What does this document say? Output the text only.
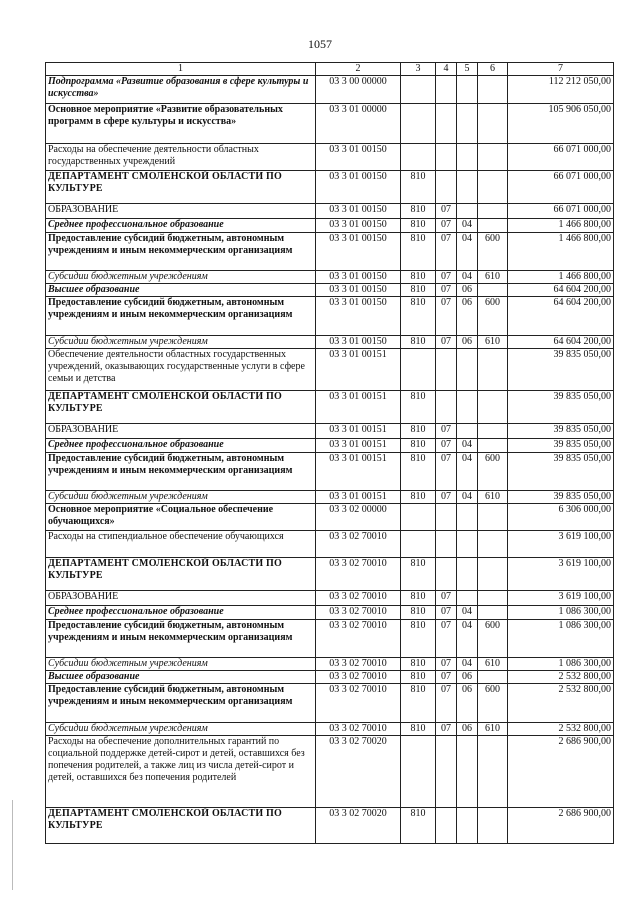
1057
1	2	3	4	5	6	7
Подпрограмма «Развитие образования в сфере культуры и искусства»	03 3 00 00000					112 212 050,00
Основное мероприятие «Развитие образовательных программ в сфере культуры и искусства»	03 3 01 00000					105 906 050,00
Расходы на обеспечение деятельности областных государственных учреждений	03 3 01 00150					66 071 000,00
ДЕПАРТАМЕНТ СМОЛЕНСКОЙ ОБЛАСТИ ПО КУЛЬТУРЕ	03 3 01 00150	810				66 071 000,00
ОБРАЗОВАНИЕ	03 3 01 00150	810	07			66 071 000,00
Среднее профессиональное образование	03 3 01 00150	810	07	04		1 466 800,00
Предоставление субсидий бюджетным, автономным учреждениям и иным некоммерческим организациям	03 3 01 00150	810	07	04	600	1 466 800,00
Субсидии бюджетным учреждениям	03 3 01 00150	810	07	04	610	1 466 800,00
Высшее образование	03 3 01 00150	810	07	06		64 604 200,00
Предоставление субсидий бюджетным, автономным учреждениям и иным некоммерческим организациям	03 3 01 00150	810	07	06	600	64 604 200,00
Субсидии бюджетным учреждениям	03 3 01 00150	810	07	06	610	64 604 200,00
Обеспечение деятельности областных государственных учреждений, оказывающих государственные услуги в сфере семьи и детства	03 3 01 00151					39 835 050,00
ДЕПАРТАМЕНТ СМОЛЕНСКОЙ ОБЛАСТИ ПО КУЛЬТУРЕ	03 3 01 00151	810				39 835 050,00
ОБРАЗОВАНИЕ	03 3 01 00151	810	07			39 835 050,00
Среднее профессиональное образование	03 3 01 00151	810	07	04		39 835 050,00
Предоставление субсидий бюджетным, автономным учреждениям и иным некоммерческим организациям	03 3 01 00151	810	07	04	600	39 835 050,00
Субсидии бюджетным учреждениям	03 3 01 00151	810	07	04	610	39 835 050,00
Основное мероприятие «Социальное обеспечение обучающихся»	03 3 02 00000					6 306 000,00
Расходы на стипендиальное обеспечение обучающихся	03 3 02 70010					3 619 100,00
ДЕПАРТАМЕНТ СМОЛЕНСКОЙ ОБЛАСТИ ПО КУЛЬТУРЕ	03 3 02 70010	810				3 619 100,00
ОБРАЗОВАНИЕ	03 3 02 70010	810	07			3 619 100,00
Среднее профессиональное образование	03 3 02 70010	810	07	04		1 086 300,00
Предоставление субсидий бюджетным, автономным учреждениям и иным некоммерческим организациям	03 3 02 70010	810	07	04	600	1 086 300,00
Субсидии бюджетным учреждениям	03 3 02 70010	810	07	04	610	1 086 300,00
Высшее образование	03 3 02 70010	810	07	06		2 532 800,00
Предоставление субсидий бюджетным, автономным учреждениям и иным некоммерческим организациям	03 3 02 70010	810	07	06	600	2 532 800,00
Субсидии бюджетным учреждениям	03 3 02 70010	810	07	06	610	2 532 800,00
Расходы на обеспечение дополнительных гарантий по социальной поддержке детей-сирот и детей, оставшихся без попечения родителей, а также лиц из числа детей-сирот и детей, оставшихся без попечения родителей	03 3 02 70020					2 686 900,00
ДЕПАРТАМЕНТ СМОЛЕНСКОЙ ОБЛАСТИ ПО КУЛЬТУРЕ	03 3 02 70020	810				2 686 900,00
